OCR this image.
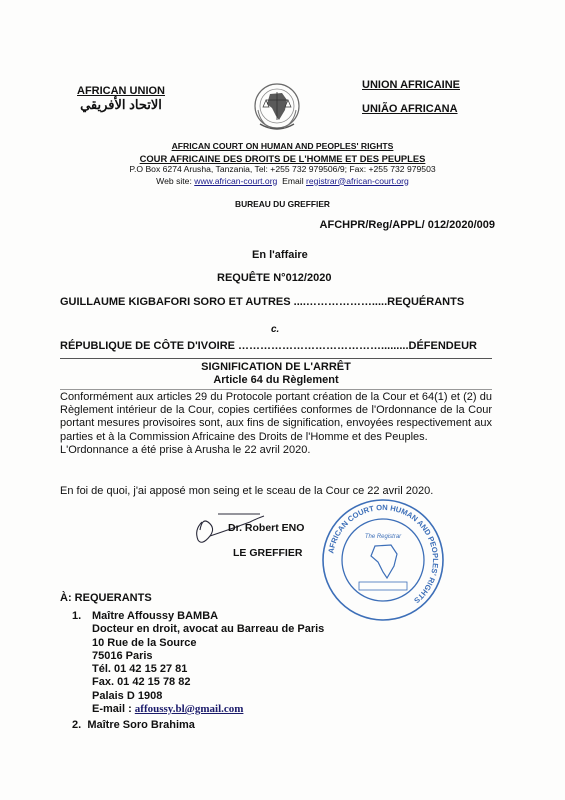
AFRICAN UNION
الاتحاد الأفريقي
UNION AFRICAINE
UNIÃO AFRICANA
AFRICAN COURT ON HUMAN AND PEOPLES' RIGHTS
COUR AFRICAINE DES DROITS DE L'HOMME ET DES PEUPLES
P.O Box 6274 Arusha, Tanzania, Tel: +255 732 979506/9; Fax: +255 732 979503
Web site: www.african-court.org Email registrar@african-court.org
BUREAU DU GREFFIER
AFCHPR/Reg/APPL/ 012/2020/009
En l'affaire
REQUÊTE N°012/2020
GUILLAUME KIGBAFORI SORO ET AUTRES ....……………….....REQUÉRANTS
c.
RÉPUBLIQUE DE CÔTE D'IVOIRE ………………………………….........DÉFENDEUR
SIGNIFICATION DE L'ARRÊT
Article 64 du Règlement
Conformément aux articles 29 du Protocole portant création de la Cour et 64(1) et (2) du Règlement intérieur de la Cour, copies certifiées conformes de l'Ordonnance de la Cour portant mesures provisoires sont, aux fins de signification, envoyées respectivement aux parties et à la Commission Africaine des Droits de l'Homme et des Peuples.
L'Ordonnance a été prise à Arusha le 22 avril 2020.
En foi de quoi, j'ai apposé mon seing et le sceau de la Cour ce 22 avril 2020.
Dr. Robert ENO
LE GREFFIER	AFRICAN COURT ON HUMAN AND PEOPLES' RIGHTS
The Registrar
À: REQUERANTS
1. Maître Affoussy BAMBA
Docteur en droit, avocat au Barreau de Paris
10 Rue de la Source
75016 Paris
Tél. 01 42 15 27 81
Fax. 01 42 15 78 82
Palais D 1908
E-mail : affoussy.bl@gmail.com
2. Maître Soro Brahima
